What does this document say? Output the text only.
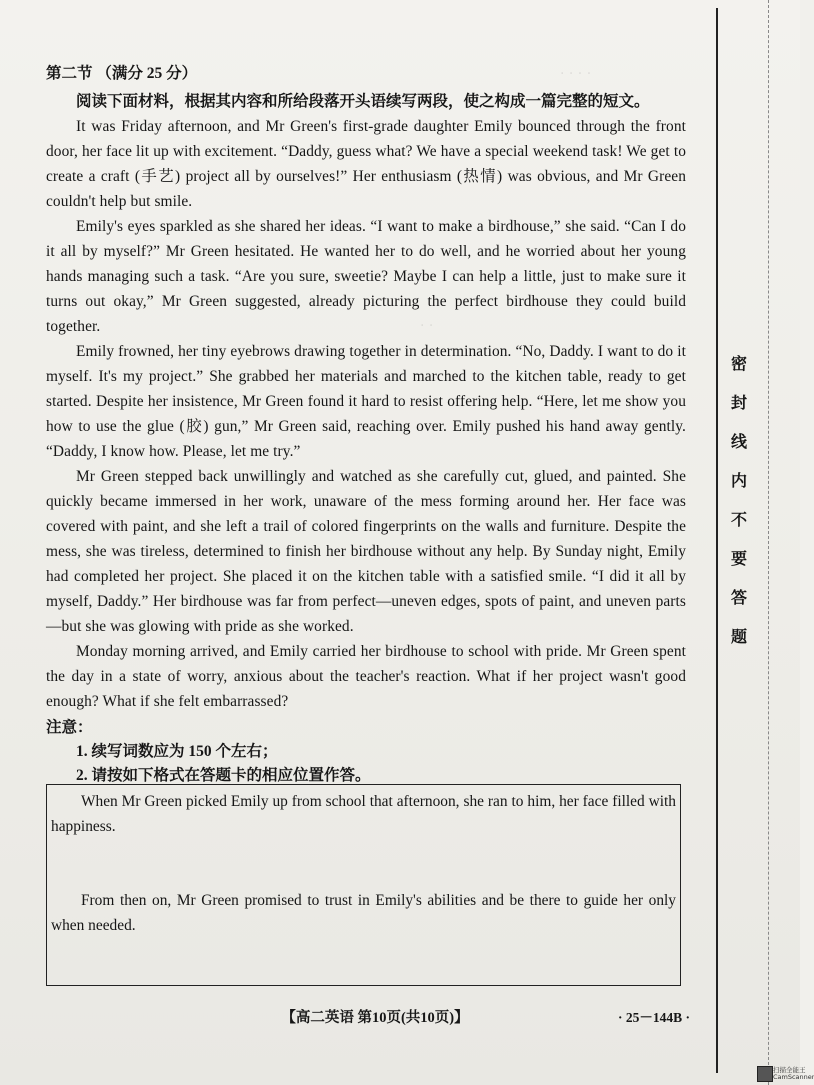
· · · ·
· ·
第二节 （满分 25 分）
阅读下面材料，根据其内容和所给段落开头语续写两段，使之构成一篇完整的短文。

It was Friday afternoon, and Mr Green's first-grade daughter Emily bounced through the front door, her face lit up with excitement. “Daddy, guess what? We have a special weekend task! We get to create a craft (手艺) project all by ourselves!” Her enthusiasm (热情) was obvious, and Mr Green couldn't help but smile.

Emily's eyes sparkled as she shared her ideas. “I want to make a birdhouse,” she said. “Can I do it all by myself?” Mr Green hesitated. He wanted her to do well, and he worried about her young hands managing such a task. “Are you sure, sweetie? Maybe I can help a little, just to make sure it turns out okay,” Mr Green suggested, already picturing the perfect birdhouse they could build together.

Emily frowned, her tiny eyebrows drawing together in determination. “No, Daddy. I want to do it myself. It's my project.” She grabbed her materials and marched to the kitchen table, ready to get started. Despite her insistence, Mr Green found it hard to resist offering help. “Here, let me show you how to use the glue (胶) gun,” Mr Green said, reaching over. Emily pushed his hand away gently. “Daddy, I know how. Please, let me try.”

Mr Green stepped back unwillingly and watched as she carefully cut, glued, and painted. She quickly became immersed in her work, unaware of the mess forming around her. Her face was covered with paint, and she left a trail of colored fingerprints on the walls and furniture. Despite the mess, she was tireless, determined to finish her birdhouse without any help. By Sunday night, Emily had completed her project. She placed it on the kitchen table with a satisfied smile. “I did it all by myself, Daddy.” Her birdhouse was far from perfect—uneven edges, spots of paint, and uneven parts—but she was glowing with pride as she worked.

Monday morning arrived, and Emily carried her birdhouse to school with pride. Mr Green spent the day in a state of worry, anxious about the teacher's reaction. What if her project wasn't good enough? What if she felt embarrassed?

注意：
1. 续写词数应为 150 个左右；
2. 请按如下格式在答题卡的相应位置作答。

When Mr Green picked Emily up from school that afternoon, she ran to him, her face filled with happiness.

From then on, Mr Green promised to trust in Emily's abilities and be there to guide her only when needed.

【高二英语 第10页(共10页)】	· 25－144B ·
密
封
线
内
不
要
答
题
扫描全能王
CamScanner
